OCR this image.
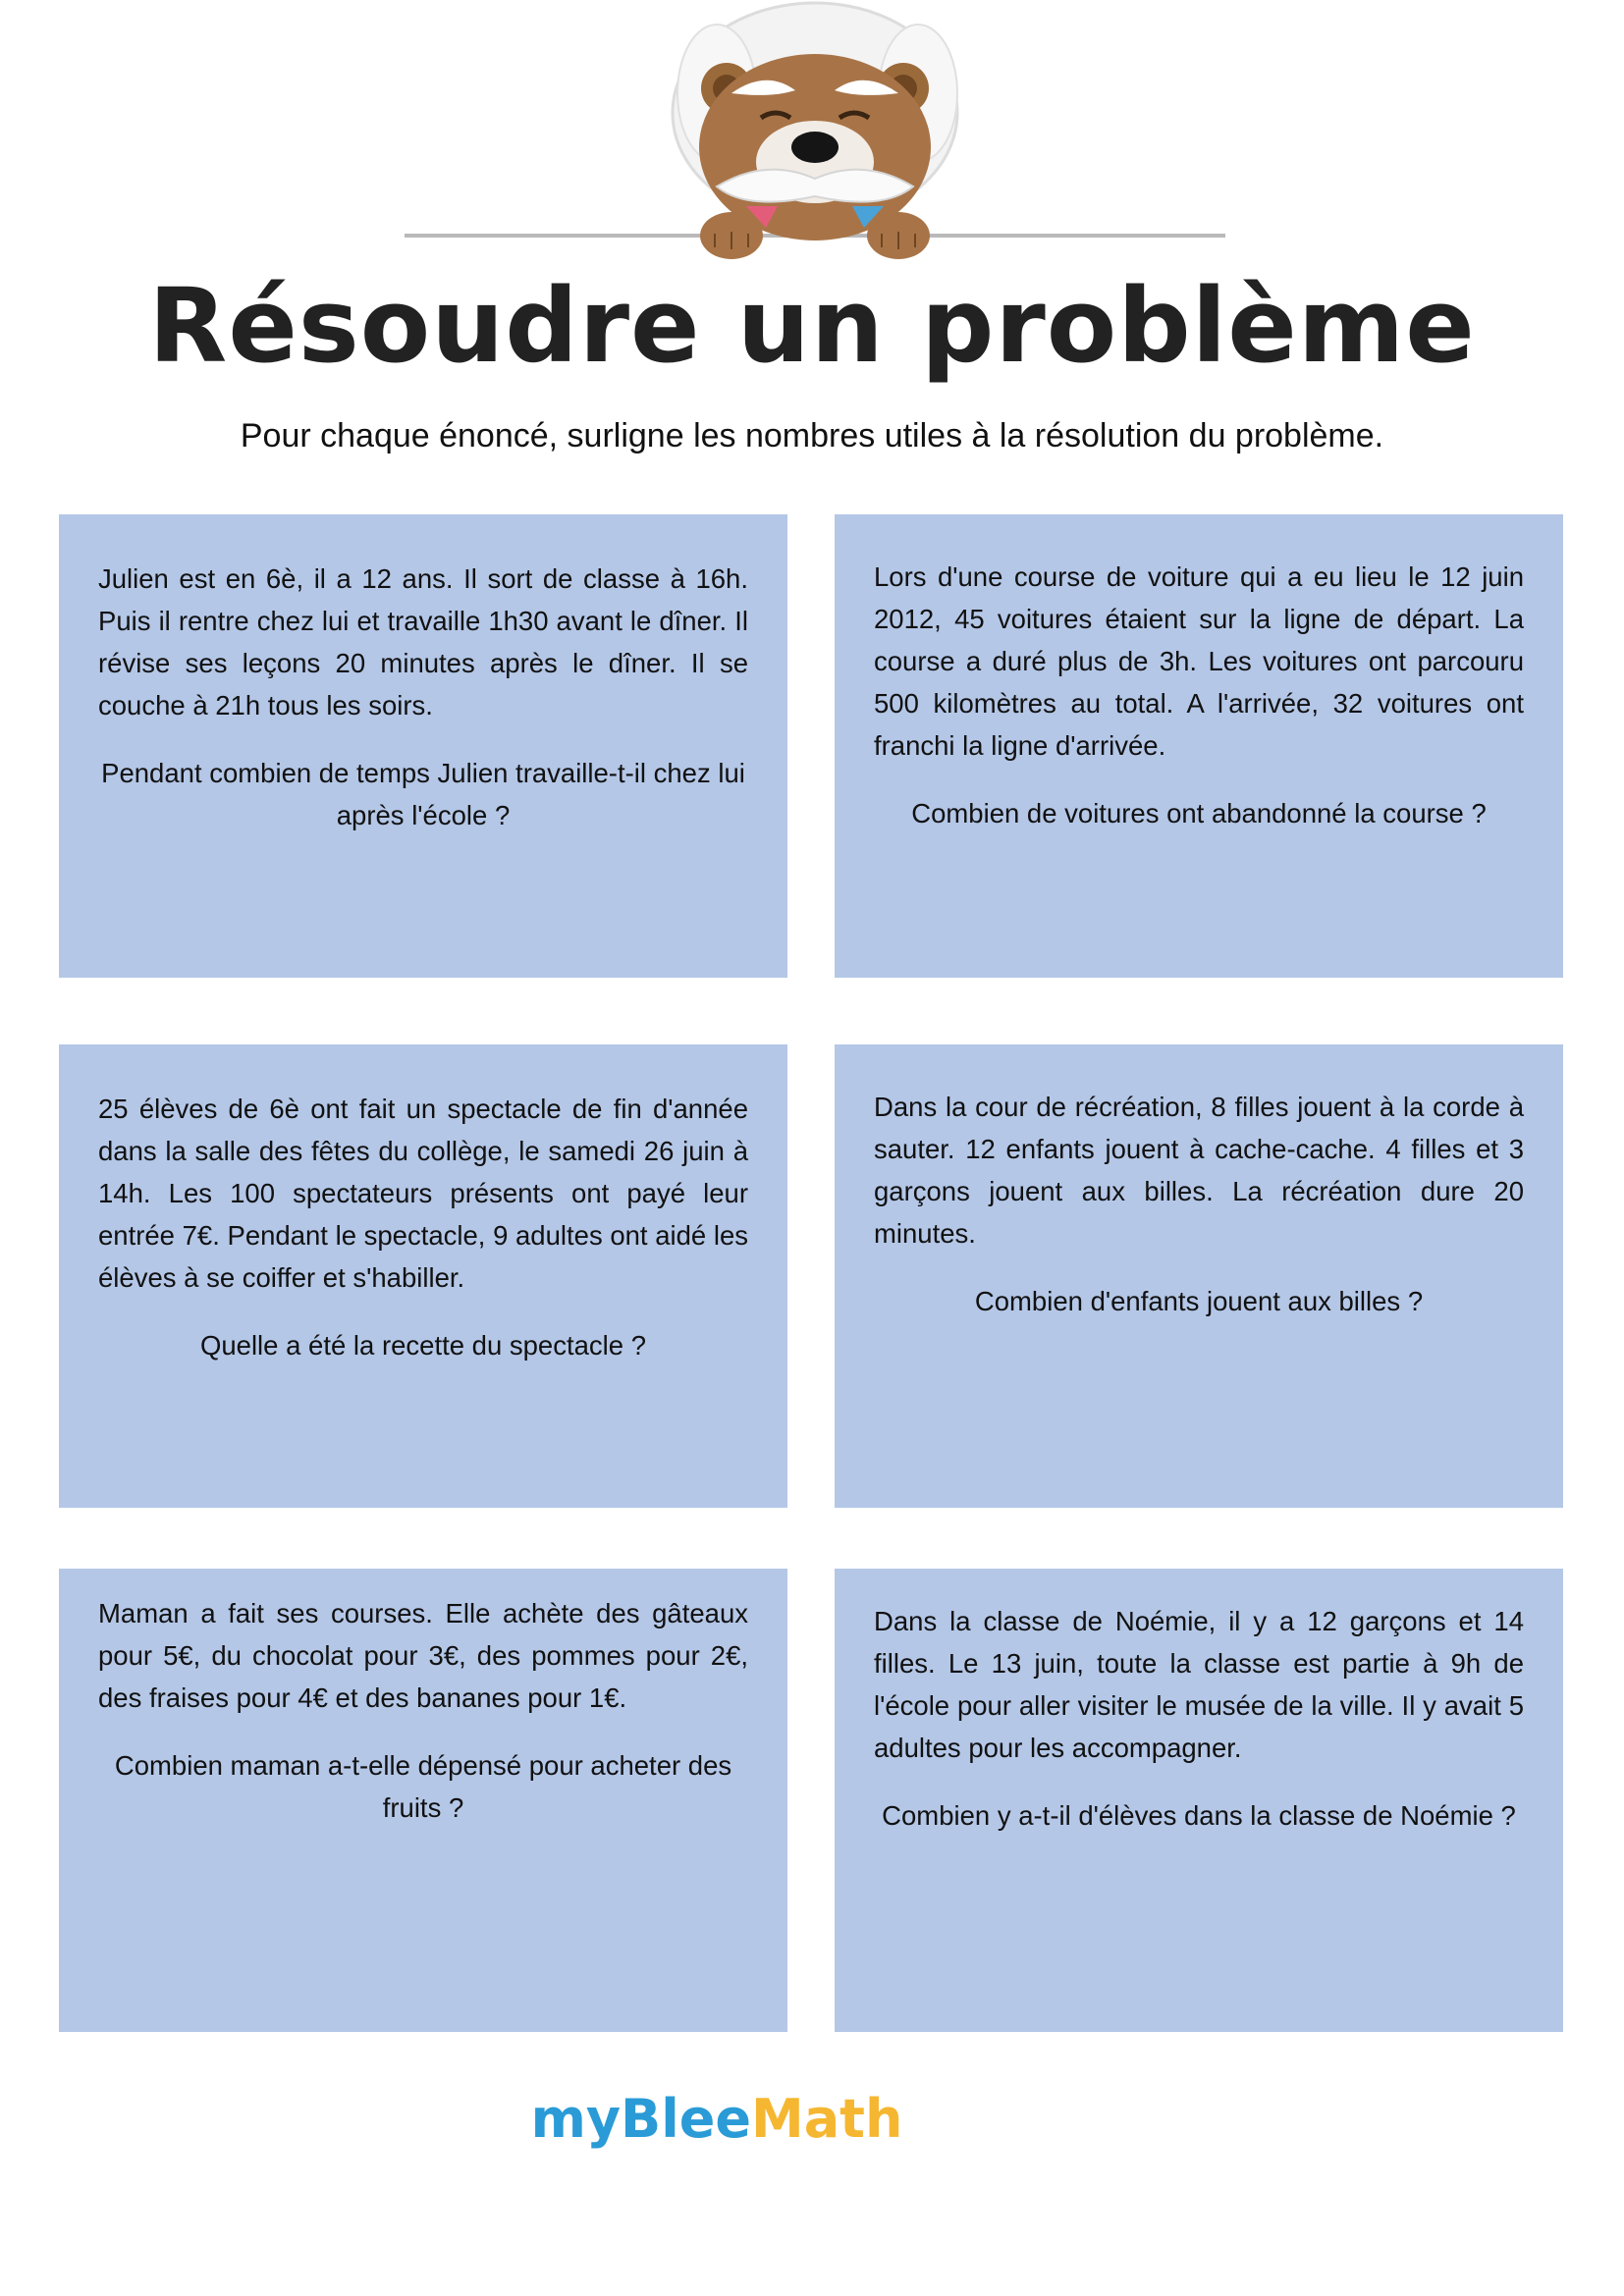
Résoudre un problème
Pour chaque énoncé, surligne les nombres utiles à la résolution du problème.

Julien est en 6è, il a 12 ans. Il sort de classe à 16h. Puis il rentre chez lui et travaille 1h30 avant le dîner. Il révise ses leçons 20 minutes après le dîner. Il se couche à 21h tous les soirs.

Pendant combien de temps Julien travaille-t-il chez lui après l'école ?

Lors d'une course de voiture qui a eu lieu le 12 juin 2012, 45 voitures étaient sur la ligne de départ. La course a duré plus de 3h. Les voitures ont parcouru 500 kilomètres au total. A l'arrivée, 32 voitures ont franchi la ligne d'arrivée.

Combien de voitures ont abandonné la course ?

25 élèves de 6è ont fait un spectacle de fin d'année dans la salle des fêtes du collège, le samedi 26 juin à 14h. Les 100 spectateurs présents ont payé leur entrée 7€. Pendant le spectacle, 9 adultes ont aidé les élèves à se coiffer et s'habiller.

Quelle a été la recette du spectacle ?

Dans la cour de récréation, 8 filles jouent à la corde à sauter. 12 enfants jouent à cache-cache. 4 filles et 3 garçons jouent aux billes. La récréation dure 20 minutes.

Combien d'enfants jouent aux billes ?

Maman a fait ses courses. Elle achète des gâteaux pour 5€, du chocolat pour 3€, des pommes pour 2€, des fraises pour 4€ et des bananes pour 1€.

Combien maman a-t-elle dépensé pour acheter des fruits ?

Dans la classe de Noémie, il y a 12 garçons et 14 filles. Le 13 juin, toute la classe est partie à 9h de l'école pour aller visiter le musée de la ville. Il y avait 5 adultes pour les accompagner.

Combien y a-t-il d'élèves dans la classe de Noémie ?

myBleeMath
